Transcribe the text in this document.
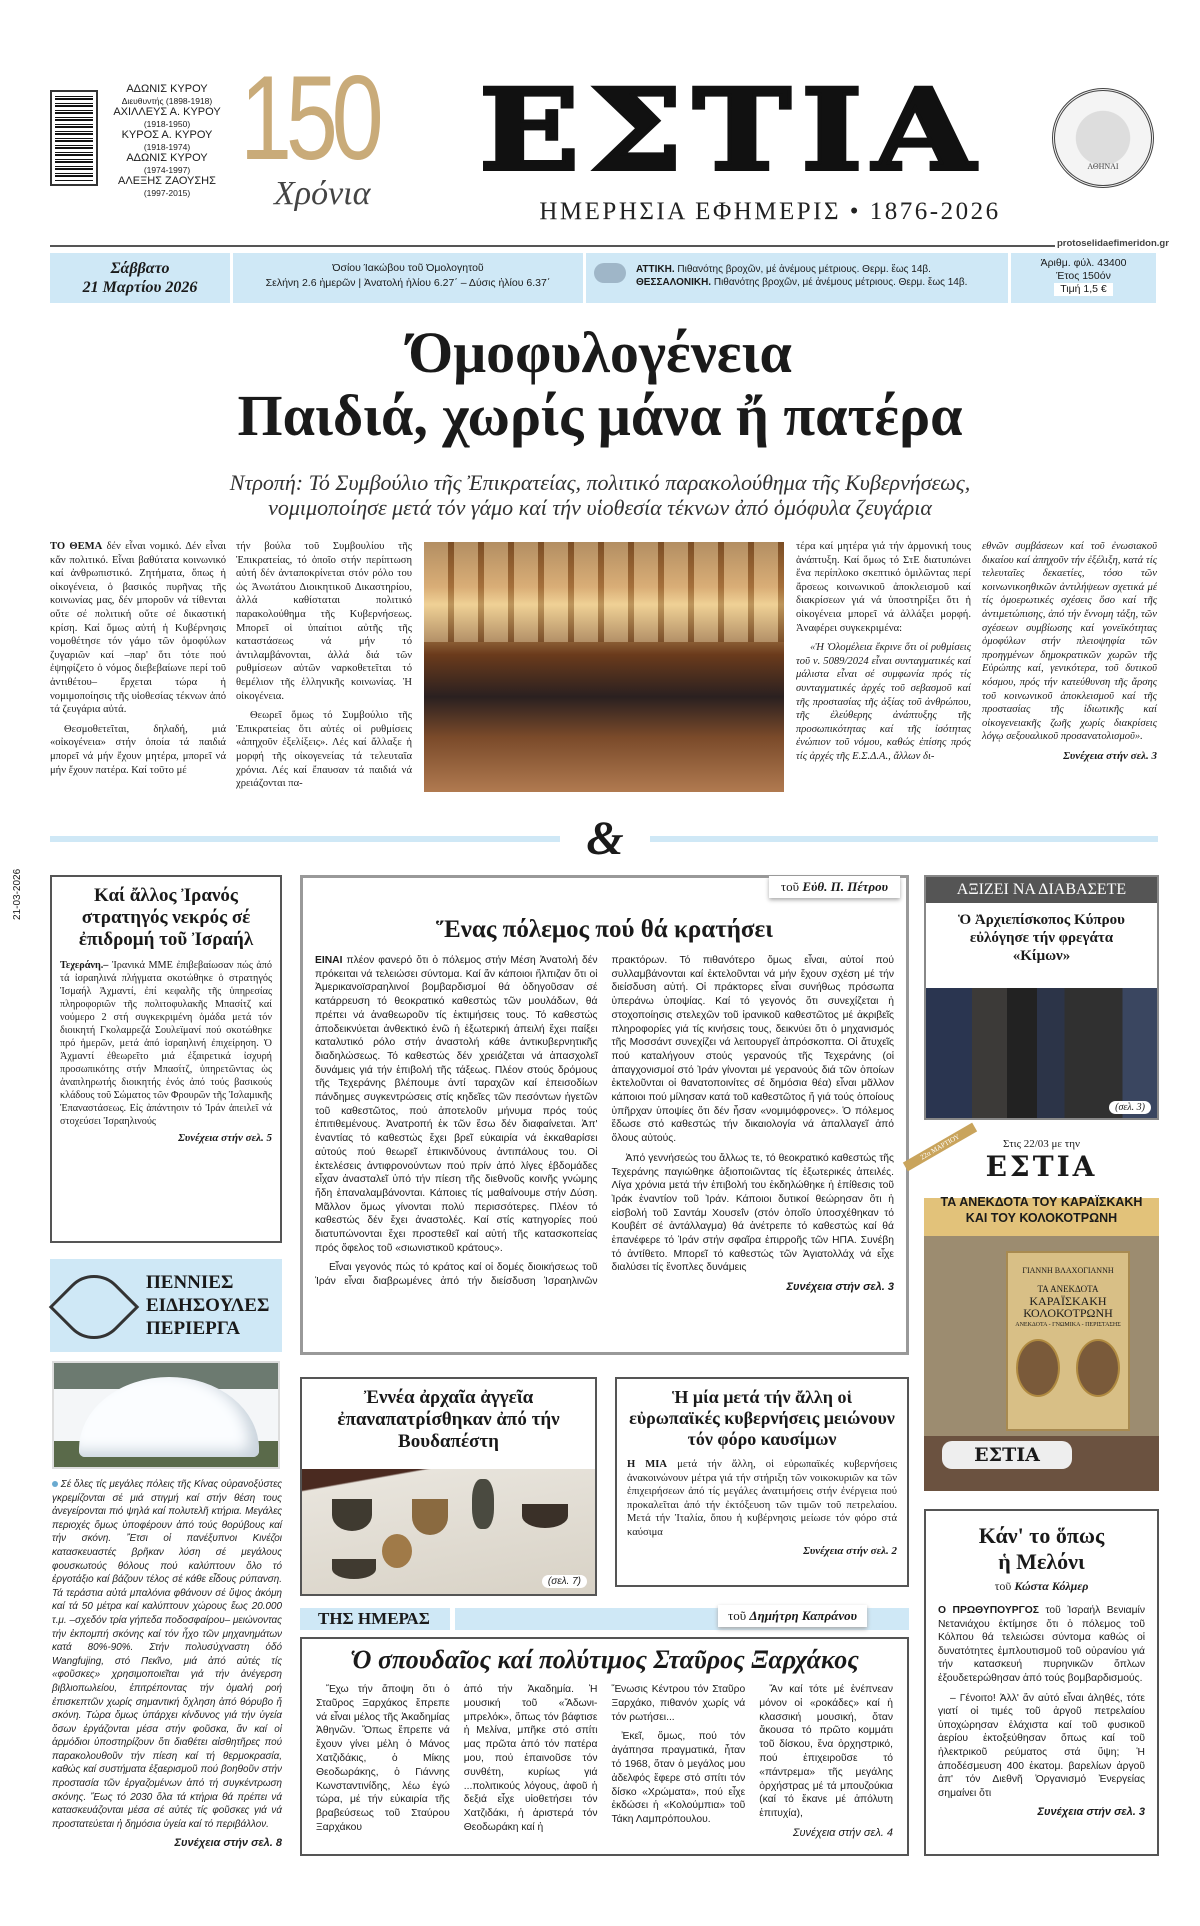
ΑΔΩΝΙΣ ΚΥΡΟΥ
Διευθυντής (1898-1918)
ΑΧΙΛΛΕΥΣ Α. ΚΥΡΟΥ
(1918-1950)
ΚΥΡΟΣ Α. ΚΥΡΟΥ
(1918-1974)
ΑΔΩΝΙΣ ΚΥΡΟΥ
(1974-1997)
ΑΛΕΞΗΣ ΖΑΟΥΣΗΣ
(1997-2015)
150
Χρόνια ΕΣΤΙΑ
ΗΜΕΡΗΣΙΑ ΕΦΗΜΕΡΙΣ • 1876-2026
ΑΘΗΝΑΙ
protoselidaefimeridon.gr
Σάββατο
21 Μαρτίου 2026
Όσίου Ίακώβου τοῦ Όμολογητοῦ
Σελήνη 2.6 ἡμερῶν | Ἀνατολή ἡλίου 6.27΄ – Δύσις ἡλίου 6.37΄
ΑΤΤΙΚΗ. Πιθανότης βροχῶν, μέ ἀνέμους μέτριους. Θερμ. ἕως 14β.
ΘΕΣΣΑΛΟΝΙΚΗ. Πιθανότης βροχῶν, μέ ἀνέμους μέτριους. Θερμ. ἕως 14β.
Άριθμ. φύλ. 43400
Έτος 150όν
Τιμή 1,5 €
Όμοφυλογένεια
Παιδιά, χωρίς μάνα ἤ πατέρα
Ντροπή: Τό Συμβούλιο τῆς Ἐπικρατείας, πολιτικό παρακολούθημα τῆς Κυβερνήσεως,
νομιμοποίησε μετά τόν γάμο καί τήν υἱοθεσία τέκνων ἀπό ὁμόφυλα ζευγάρια

ΤΟ ΘΕΜΑ δέν εἶναι νομικό. Δέν εἶναι κἄν πολιτικό. Εἶναι βαθύτατα κοινωνικό καί ἀνθρωπιστικό. Ζητήματα, ὅπως ἡ οἰκογένεια, ὁ βασικός πυρῆνας τῆς κοινωνίας μας, δέν μποροῦν νά τίθενται οὔτε σέ πολιτική οὔτε σέ δικαστική κρίση. Καί ὅμως αὐτή ἡ Κυβέρνησις νομοθέτησε τόν γάμο τῶν ὁμοφύλων ζυγαριῶν καί –παρ' ὅτι τότε πού ἐψηφίζετο ὁ νόμος διεβεβαίωνε περί τοῦ ἀντιθέτου– ἔρχεται τώρα ἡ νομιμοποίησις τῆς υἱοθεσίας τέκνων ἀπό τά ζευγάρια αὐτά.

Θεσμοθετεῖται, δηλαδή, μιά «οἰκογένεια» στήν ὁποία τά παιδιά μπορεῖ νά μήν ἔχουν μητέρα, μπορεῖ νά μήν ἔχουν πατέρα. Καί τοῦτο μέ

τήν βούλα τοῦ Συμβουλίου τῆς Ἐπικρατείας, τό ὁποῖο στήν περίπτωση αὐτή δέν ἀνταποκρίνεται στόν ρόλο του ὡς Ἀνωτάτου Διοικητικοῦ Δικαστηρίου, ἀλλά καθίσταται πολιτικό παρακολούθημα τῆς Κυβερνήσεως. Μπορεῖ οἱ ὑπαίτιοι αὐτῆς τῆς καταστάσεως νά μήν τό ἀντιλαμβάνονται, ἀλλά διά τῶν ρυθμίσεων αὐτῶν ναρκοθετεῖται τό θεμέλιον τῆς ἑλληνικῆς κοινωνίας. Ἡ οἰκογένεια.

Θεωρεῖ ὅμως τό Συμβούλιο τῆς Ἐπικρατείας ὅτι αὐτές οἱ ρυθμίσεις «ἀπηχοῦν ἐξελίξεις». Λές καί ἄλλαξε ἡ μορφή τῆς οἰκογενείας τά τελευταῖα χρόνια. Λές καί ἔπαυσαν τά παιδιά νά χρειάζονται πα-

τέρα καί μητέρα γιά τήν ἁρμονική τους ἀνάπτυξη. Καί ὅμως τό ΣτΕ διατυπώνει ἕνα περίπλοκο σκεπτικό ὁμιλῶντας περί ἄρσεως κοινωνικοῦ ἀποκλεισμοῦ καί διακρίσεων γιά νά ὑποστηρίξει ὅτι ἡ οἰκογένεια μπορεῖ νά ἀλλάξει μορφή. Ἀναφέρει συγκεκριμένα:

«Ἡ Ὁλομέλεια ἔκρινε ὅτι οἱ ρυθμίσεις τοῦ ν. 5089/2024 εἶναι συνταγματικές καί μάλιστα εἶναι σέ συμφωνία πρός τίς συνταγματικές ἀρχές τοῦ σεβασμοῦ καί τῆς προστασίας τῆς ἀξίας τοῦ ἀνθρώπου, τῆς ἐλεύθερης ἀνάπτυξης τῆς προσωπικότητας καί τῆς ἰσότητας ἐνώπιον τοῦ νόμου, καθώς ἐπίσης πρός τίς ἀρχές τῆς Ε.Σ.Δ.Α., ἄλλων δι-

εθνῶν συμβάσεων καί τοῦ ἐνωσιακοῦ δικαίου καί ἀπηχοῦν τήν ἐξέλιξη, κατά τίς τελευταῖες δεκαετίες, τόσο τῶν κοινωνικοηθικῶν ἀντιλήψεων σχετικά μέ τίς ὁμοερωτικές σχέσεις ὅσο καί τῆς ἀντιμετώπισης, ἀπό τήν ἔννομη τάξη, τῶν σχέσεων συμβίωσης καί γονεϊκότητας ὁμοφύλων στήν πλειοψηφία τῶν προηγμένων δημοκρατικῶν χωρῶν τῆς Εὐρώπης καί, γενικότερα, τοῦ δυτικοῦ κόσμου, πρός τήν κατεύθυνση τῆς ἄρσης τοῦ κοινωνικοῦ ἀποκλεισμοῦ καί τῆς προστασίας τῆς ἰδιωτικῆς καί οἰκογενειακῆς ζωῆς χωρίς διακρίσεις λόγῳ σεξουαλικοῦ προσανατολισμοῦ».

Συνέχεια στήν σελ. 3
&
21-03-2026	Καί ἄλλος Ἰρανός στρατηγός νεκρός σέ ἐπιδρομή τοῦ Ἰσραήλ
Τεχεράνη.– Ἰρανικά ΜΜΕ ἐπιβεβαίωσαν πώς ἀπό τά ἰσραηλινά πλήγματα σκοτώθηκε ὁ στρατηγός Ἰσμαήλ Ἀχμαντί, ἐπί κεφαλῆς τῆς ὑπηρεσίας πληροφοριῶν τῆς πολιτοφυλακῆς Μπασίτζ καί νούμερο 2 στή συγκεκριμένη ὁμάδα μετά τόν διοικητή Γκολαμρεζά Σουλεϊμανί πού σκοτώθηκε πρό ἡμερῶν, μετά ἀπό ἰσραηλινή ἐπιχείρηση. Ὁ Ἀχμαντί ἐθεωρεῖτο μιά ἐξαιρετικά ἰσχυρή προσωπικότης στήν Μπασίτζ, ὑπηρετῶντας ὡς ἀναπληρωτής διοικητής ἑνός ἀπό τούς βασικούς κλάδους τοῦ Σώματος τῶν Φρουρῶν τῆς Ἰσλαμικῆς Ἐπαναστάσεως. Εἰς ἀπάντησιν τό Ἰράν ἀπειλεῖ νά στοχεύσει Ἰσραηλινούς
Συνέχεια στήν σελ. 5
τοῦ Εὐθ. Π. Πέτρου
Ἕνας πόλεμος πού θά κρατήσει

ΕΙΝΑΙ πλέον φανερό ὅτι ὁ πόλεμος στήν Μέση Ἀνατολή δέν πρόκειται νά τελειώσει σύντομα. Καί ἄν κάποιοι ἤλπιζαν ὅτι οἱ Ἀμερικανοϊσραηλινοί βομβαρδισμοί θά ὁδηγοῦσαν σέ κατάρρευση τό θεοκρατικό καθεστώς τῶν μουλάδων, θά πρέπει νά ἀναθεωροῦν τίς ἐκτιμήσεις τους. Τό καθεστώς ἀποδεικνύεται ἀνθεκτικό ἐνῶ ἡ ἐξωτερική ἀπειλή ἔχει παίξει καταλυτικό ρόλο στήν ἀναστολή κάθε ἀντικυβερνητικῆς διαδηλώσεως. Τό καθεστώς δέν χρειάζεται νά ἀπασχολεῖ δυνάμεις γιά τήν ἐπιβολή τῆς τάξεως. Πλέον στούς δρόμους τῆς Τεχεράνης βλέπουμε ἀντί ταραχῶν καί ἐπεισοδίων πάνδημες συγκεντρώσεις στίς κηδεῖες τῶν πεσόντων ἡγετῶν τοῦ καθεστῶτος, πού ἀποτελοῦν μήνυμα πρός τούς ἐπιτιθεμένους. Ἀνατροπή ἐκ τῶν ἔσω δέν διαφαίνεται. Ἀπ' ἐναντίας τό καθεστώς ἔχει βρεῖ εὐκαιρία νά ἐκκαθαρίσει αὐτούς πού θεωρεῖ ἐπικινδύνους ἀντιπάλους του. Οἱ ἐκτελέσεις ἀντιφρονούντων πού πρίν ἀπό λίγες ἑβδομάδες εἶχαν ἀνασταλεῖ ὑπό τήν πίεση τῆς διεθνοῦς κοινῆς γνώμης ἤδη ἐπαναλαμβάνονται. Κάποιες τίς μαθαίνουμε στήν Δύση. Μᾶλλον ὅμως γίνονται πολύ περισσότερες. Πλέον τό καθεστώς δέν ἔχει ἀναστολές. Καί στίς κατηγορίες πού διατυπώνονται ἔχει προστεθεῖ καί αὐτή τῆς κατασκοπείας πρός ὄφελος τοῦ «σιωνιστικοῦ κράτους».

Εἶναι γεγονός πώς τό κράτος καί οἱ δομές διοικήσεως τοῦ Ἰράν εἶναι διαβρωμένες ἀπό τήν διείσδυση Ἰσραηλινῶν πρακτόρων. Τό πιθανότερο ὅμως εἶναι, αὐτοί πού συλλαμβάνονται καί ἐκτελοῦνται νά μήν ἔχουν σχέση μέ τήν διείσδυση αὐτή. Οἱ πράκτορες εἶναι συνήθως πρόσωπα ὑπεράνω ὑποψίας. Καί τό γεγονός ὅτι συνεχίζεται ἡ στοχοποίησις στελεχῶν τοῦ ἰρανικοῦ καθεστῶτος μέ ἀκριβεῖς πληροφορίες γιά τίς κινήσεις τους, δεικνύει ὅτι ὁ μηχανισμός τῆς Μοσσάντ συνεχίζει νά λειτουργεῖ ἀπρόσκοπτα. Οἱ ἄτυχεῖς πού καταλήγουν στούς γερανούς τῆς Τεχεράνης (οἱ ἀπαγχονισμοί στό Ἰράν γίνονται μέ γερανούς διά τῶν ὁποίων ἐκτελοῦνται οἱ θανατοποινίτες σέ δημόσια θέα) εἶναι μᾶλλον κάποιοι πού μίλησαν κατά τοῦ καθεστῶτος ἤ γιά τούς ὁποίους ὑπῆρχαν ὑποψίες ὅτι δέν ἦσαν «νομιμόφρονες». Ὁ πόλεμος ἔδωσε στό καθεστώς τήν δικαιολογία νά ἀπαλλαγεῖ ἀπό ὅλους αὐτούς.

Ἀπό γεννήσεώς του ἄλλως τε, τό θεοκρατικό καθεστώς τῆς Τεχεράνης παγιώθηκε ἀξιοποιῶντας τίς ἐξωτερικές ἀπειλές. Λίγα χρόνια μετά τήν ἐπιβολή του ἐκδηλώθηκε ἡ ἐπίθεσις τοῦ Ἰράκ ἐναντίον τοῦ Ἰράν. Κάποιοι δυτικοί θεώρησαν ὅτι ἡ εἰσβολή τοῦ Σαντάμ Χουσεΐν (στόν ὁποῖο ὑποσχέθηκαν τό Κουβέιτ σέ ἀντάλλαγμα) θά ἀνέτρεπε τό καθεστώς καί θά ἐπανέφερε τό Ἰράν στήν σφαῖρα ἐπιρροῆς τῶν ΗΠΑ. Συνέβη τό ἀντίθετο. Μπορεῖ τό καθεστώς τῶν Ἀγιατολλάχ νά εἶχε διαλύσει τίς ἔνοπλες δυνάμεις

Συνέχεια στήν σελ. 3
ΑΞΙΖΕΙ ΝΑ ΔΙΑΒΑΣΕΤΕ
Ὁ Ἀρχιεπίσκοπος Κύπρου εὐλόγησε τήν φρεγάτα «Κίμων»
(σελ. 3)
22α ΜΑΡΤΙΟΥ	Στις 22/03 με την
ΕΣΤΙΑ
ΤΑ ΑΝΕΚΔΟΤΑ ΤΟΥ ΚΑΡΑΪΣΚΑΚΗ ΚΑΙ ΤΟΥ ΚΟΛΟΚΟΤΡΩΝΗ
ΓΙΑΝΝΗ ΒΛΑΧΟΓΙΑΝΝΗ
ΤΑ ΑΝΕΚΔΟΤΑ
ΚΑΡΑΪΣΚΑΚΗ
ΚΟΛΟΚΟΤΡΩΝΗ
ΑΝΕΚΔΟΤΑ - ΓΝΩΜΙΚΑ - ΠΕΡΙΣΤΑΣΗΣ
ΕΣΤΙΑ
ΠΕΝΝΙΕΣ
ΕΙΔΗΣΟΥΛΕΣ
ΠΕΡΙΕΡΓΑ
Σέ ὅλες τίς μεγάλες πόλεις τῆς Κίνας οὐρανοξύστες γκρεμίζονται σέ μιά στιγμή καί στήν θέση τους ἀνεγείρονται πιό ψηλά καί πολυτελῆ κτήρια. Μεγάλες περιοχές ὅμως ὑποφέρουν ἀπό τούς θορύβους καί τήν σκόνη. Ἔτσι οἱ πανέξυπνοι Κινέζοι κατασκευαστές βρῆκαν λύση σέ μεγάλους φουσκωτούς θόλους πού καλύπτουν ὅλο τό ἐργοτάξιο καί βάζουν τέλος σέ κάθε εἶδους ρύπανση. Τά τεράστια αὐτά μπαλόνια φθάνουν σέ ὕψος ἀκόμη καί τά 50 μέτρα καί καλύπτουν χώρους ἕως 20.000 τ.μ. –σχεδόν τρία γήπεδα ποδοσφαίρου– μειώνοντας τήν ἐκπομπή σκόνης καί τόν ἦχο τῶν μηχανημάτων κατά 80%-90%. Στήν πολυσύχναστη ὁδό Wangfujing, στό Πεκῖνο, μιά ἀπό αὐτές τίς «φοῦσκες» χρησιμοποιεῖται γιά τήν ἀνέγερση βιβλιοπωλείου, ἐπιτρέποντας τήν ὁμαλή ροή ἐπισκεπτῶν χωρίς σημαντική ὄχληση ἀπό θόρυβο ἤ σκόνη. Τώρα ὅμως ὑπάρχει κίνδυνος γιά τήν ὑγεία ὅσων ἐργάζονται μέσα στήν φοῦσκα, ἄν καί οἱ ἁρμόδιοι ὑποστηρίζουν ὅτι διαθέτει αἰσθητῆρες πού παρακολουθοῦν τήν πίεση καί τή θερμοκρασία, καθώς καί συστήματα ἐξαερισμοῦ πού βοηθοῦν στήν προστασία τῶν ἐργαζομένων ἀπό τή συγκέντρωση σκόνης. Ἕως τό 2030 ὅλα τά κτήρια θά πρέπει νά κατασκευάζονται μέσα σέ αὐτές τίς φοῦσκες γιά νά προστατεύεται ἡ δημόσια ὑγεία καί τό περιβάλλον.
Συνέχεια στήν σελ. 8
Ἐννέα ἀρχαῖα ἀγγεῖα ἐπαναπατρίσθηκαν ἀπό τήν Βουδαπέστη
(σελ. 7)
Ἡ μία μετά τήν ἄλλη οἱ εὐρωπαϊκές κυβερνήσεις μειώνουν τόν φόρο καυσίμων
Η ΜΙΑ μετά τήν ἄλλη, οἱ εὐρωπαϊκές κυβερνήσεις ἀνακοινώνουν μέτρα γιά τήν στήριξη τῶν νοικοκυριῶν κα τῶν ἐπιχειρήσεων ἀπό τίς μεγάλες ἀνατιμήσεις στήν ἐνέργεια πού προκαλεῖται ἀπό τήν ἐκτόξευση τῶν τιμῶν τοῦ πετρελαίου. Μετά τήν Ἰταλία, ὅπου ἡ κυβέρνησις μείωσε τόν φόρο στά καύσιμα
Συνέχεια στήν σελ. 2
ΤΗΣ ΗΜΕΡΑΣ	τοῦ Δημήτρη Καπράνου
Ὁ σπουδαῖος καί πολύτιμος Σταῦρος Ξαρχάκος

Ἔχω τήν ἄποψη ὅτι ὁ Σταῦρος Ξαρχάκος ἔπρεπε νά εἶναι μέλος τῆς Ἀκαδημίας Ἀθηνῶν. Ὅπως ἔπρεπε νά ἔχουν γίνει μέλη ὁ Μάνος Χατζιδάκις, ὁ Μίκης Θεοδωράκης, ὁ Γιάννης Κωνσταντινίδης, λέω ἐγώ τώρα, μέ τήν εὐκαιρία τῆς βραβεύσεως τοῦ Σταύρου Ξαρχάκου

ἀπό τήν Ἀκαδημία. Ἡ μουσική τοῦ «Ἄδωνι-μπρελόκ», ὅπως τόν βάφτισε ἡ Μελίνα, μπῆκε στό σπίτι μας πρῶτα ἀπό τόν πατέρα μου, πού ἐπαινοῦσε τόν συνθέτη, κυρίως γιά ...πολιτικούς λόγους, ἀφοῦ ἡ δεξιά εἶχε υἱοθετήσει τόν Χατζιδάκι, ἡ ἀριστερά τόν Θεοδωράκη καί ἡ

Ἕνωσις Κέντρου τόν Σταῦρο Ξαρχάκο, πιθανόν χωρίς νά τόν ρωτήσει...

Ἐκεῖ, ὅμως, πού τόν ἀγάπησα πραγματικά, ἦταν τό 1968, ὅταν ὁ μεγάλος μου ἀδελφός ἔφερε στό σπίτι τόν δίσκο «Χρώματα», πού εἶχε ἐκδώσει ἡ «Κολούμπια» τοῦ Τάκη Λαμπρόπουλου.

Ἄν καί τότε μέ ἐνέπνεαν μόνον οἱ «ροκάδες» καί ἡ κλασσική μουσική, ὅταν ἄκουσα τό πρῶτο κομμάτι τοῦ δίσκου, ἕνα ὀρχηστρικό, πού ἐπιχειροῦσε τό «πάντρεμα» τῆς μεγάλης ὀρχήστρας μέ τά μπουζούκια (καί τό ἔκανε μέ ἀπόλυτη ἐπιτυχία),

Συνέχεια στήν σελ. 4
Κάν' το ὅπως
ἡ Μελόνι
τοῦ Κώστα Κόλμερ

Ο ΠΡΩΘΥΠΟΥΡΓΟΣ τοῦ Ἰσραήλ Βενιαμίν Νετανιάχου ἐκτίμησε ὅτι ὁ πόλεμος τοῦ Κόλπου θά τελειώσει σύντομα καθώς οἱ δυνατότητες ἐμπλουτισμοῦ τοῦ οὐρανίου γιά τήν κατασκευή πυρηνικῶν ὅπλων ἐξουδετερώθησαν ἀπό τούς βομβαρδισμούς.

– Γένοιτο! Ἀλλ' ἄν αὐτό εἶναι ἀληθές, τότε γιατί οἱ τιμές τοῦ ἀργοῦ πετρελαίου ὑποχώρησαν ἐλάχιστα καί τοῦ φυσικοῦ ἀερίου ἐκτοξεύθησαν ὅπως καί τοῦ ἠλεκτρικοῦ ρεύματος στά ὕψη; Ἡ ἀποδέσμευση 400 ἑκατομ. βαρελίων ἀργοῦ ἀπ' τόν Διεθνῆ Ὀργανισμό Ἐνεργείας σημαίνει ὅτι

Συνέχεια στήν σελ. 3
